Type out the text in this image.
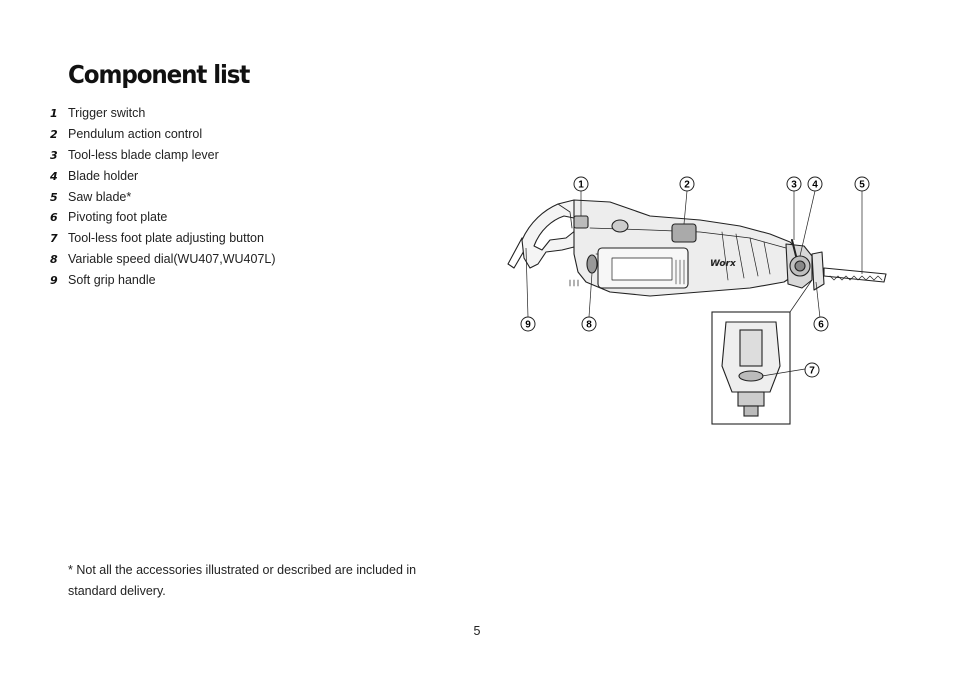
Component list
1 Trigger switch
2 Pendulum action control
3 Tool-less blade clamp lever
4 Blade holder
5 Saw blade*
6 Pivoting foot plate
7 Tool-less foot plate adjusting button
8 Variable speed dial(WU407,WU407L)
9 Soft grip handle
Worx
1	2	3 4	5
9	8	6
7
* Not all the accessories illustrated or described are included in standard delivery.
5
